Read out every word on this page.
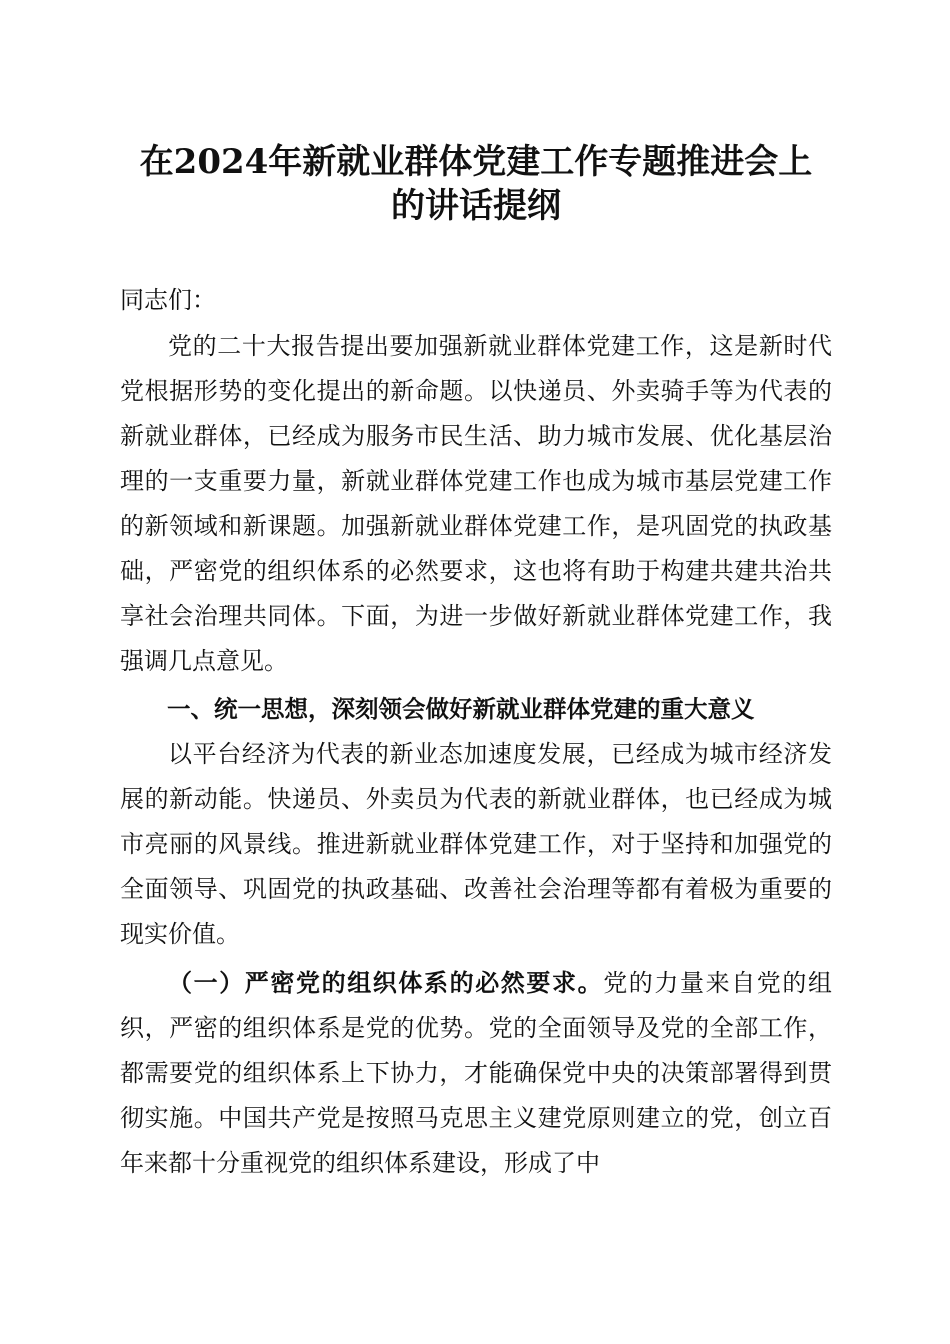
在2024年新就业群体党建工作专题推进会上
的讲话提纲

同志们：

党的二十大报告提出要加强新就业群体党建工作，这是新时代党根据形势的变化提出的新命题。以快递员、外卖骑手等为代表的新就业群体，已经成为服务市民生活、助力城市发展、优化基层治理的一支重要力量，新就业群体党建工作也成为城市基层党建工作的新领域和新课题。加强新就业群体党建工作，是巩固党的执政基础，严密党的组织体系的必然要求，这也将有助于构建共建共治共享社会治理共同体。下面，为进一步做好新就业群体党建工作，我强调几点意见。

一、统一思想，深刻领会做好新就业群体党建的重大意义

以平台经济为代表的新业态加速度发展，已经成为城市经济发展的新动能。快递员、外卖员为代表的新就业群体，也已经成为城市亮丽的风景线。推进新就业群体党建工作，对于坚持和加强党的全面领导、巩固党的执政基础、改善社会治理等都有着极为重要的现实价值。

（一）严密党的组织体系的必然要求。党的力量来自党的组织，严密的组织体系是党的优势。党的全面领导及党的全部工作，都需要党的组织体系上下协力，才能确保党中央的决策部署得到贯彻实施。中国共产党是按照马克思主义建党原则建立的党，创立百年来都十分重视党的组织体系建设，形成了中
